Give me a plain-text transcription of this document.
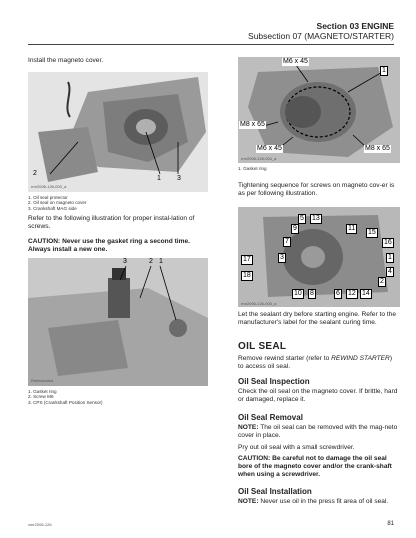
Section 03 ENGINE
Subsection 07 (MAGNETO/STARTER)

Install the magneto cover.

2
1 3
rmr2006-126-003_a

1. Oil seal protector

2. Oil seal on magneto cover

3. Crankshaft MAG side

Refer to the following illustration for proper instal-lation of screws.

CAUTION: Never use the gasket ring a second time. Always install a new one.

3	2 1
Rmblocoris4

1. Gasket ring

2. Screw M6

3. CPS (Crankshaft Position Sensor)

M6 x 45
1
M8 x 65
M6 x 45	M8 x 65
rmr2006-126-004_a

1. Gasket ring

Tightening sequence for screws on magneto cov-er is as per following illustration.

5 13
9	11
7
15
16
17	3	1
18
4
2
10 8	6 12 14
rmr2006-126-005_a

Let the sealant dry before starting engine. Refer to the manufacturer's label for the sealant curing time.

OIL SEAL

Remove rewind starter (refer to REWIND STARTER) to access oil seal.

Oil Seal Inspection

Check the oil seal on the magneto cover. If brittle, hard or damaged, replace it.

Oil Seal Removal

NOTE: The oil seal can be removed with the mag-neto cover in place.

Pry out oil seal with a small screwdriver.

CAUTION: Be careful not to damage the oil seal bore of the magneto cover and/or the crank-shaft when using a screwdriver.

Oil Seal Installation

NOTE: Never use oil in the press fit area of oil seal.

vmr2006-126	81
